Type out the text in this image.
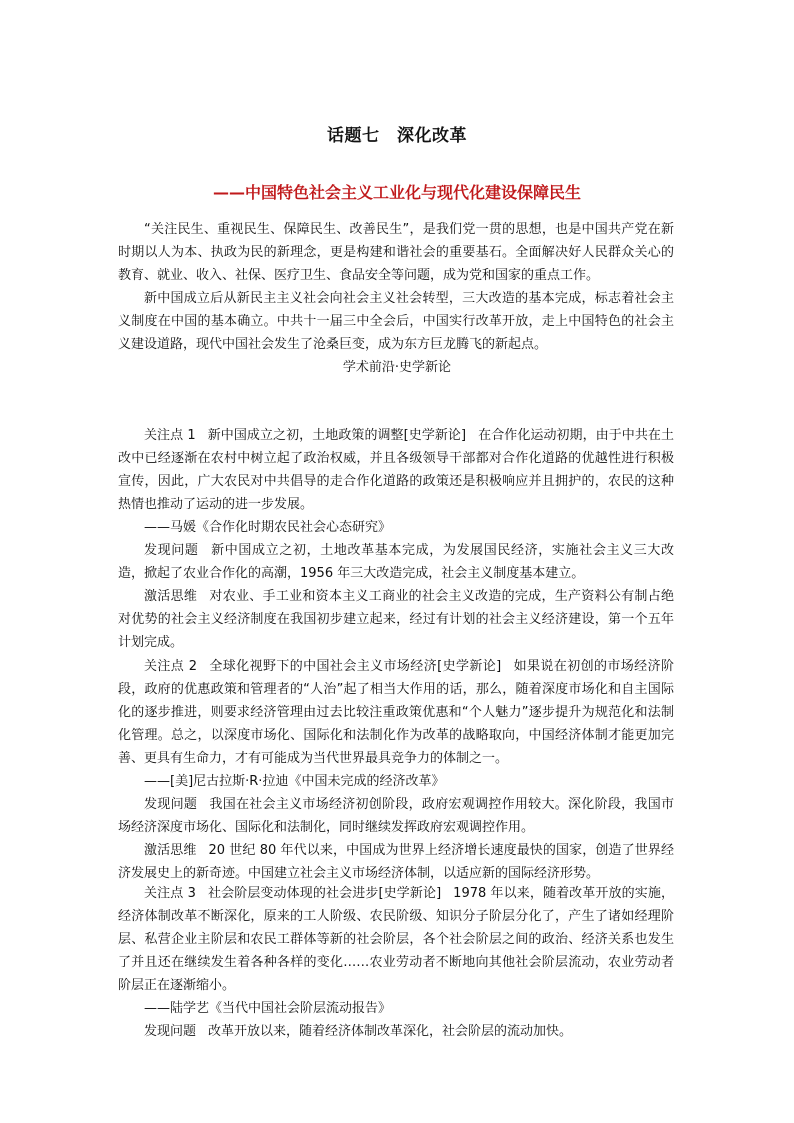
话题七　深化改革
——中国特色社会主义工业化与现代化建设保障民生

“关注民生、重视民生、保障民生、改善民生”，是我们党一贯的思想，也是中国共产党在新时期以人为本、执政为民的新理念，更是构建和谐社会的重要基石。全面解决好人民群众关心的教育、就业、收入、社保、医疗卫生、食品安全等问题，成为党和国家的重点工作。

新中国成立后从新民主主义社会向社会主义社会转型，三大改造的基本完成，标志着社会主义制度在中国的基本确立。中共十一届三中全会后，中国实行改革开放，走上中国特色的社会主义建设道路，现代中国社会发生了沧桑巨变，成为东方巨龙腾飞的新起点。

学术前沿·史学新论

关注点 1 新中国成立之初，土地政策的调整[史学新论] 在合作化运动初期，由于中共在土改中已经逐渐在农村中树立起了政治权威，并且各级领导干部都对合作化道路的优越性进行积极宣传，因此，广大农民对中共倡导的走合作化道路的政策还是积极响应并且拥护的，农民的这种热情也推动了运动的进一步发展。

——马媛《合作化时期农民社会心态研究》

发现问题 新中国成立之初，土地改革基本完成，为发展国民经济，实施社会主义三大改造，掀起了农业合作化的高潮，1956 年三大改造完成，社会主义制度基本建立。

激活思维 对农业、手工业和资本主义工商业的社会主义改造的完成，生产资料公有制占绝对优势的社会主义经济制度在我国初步建立起来，经过有计划的社会主义经济建设，第一个五年计划完成。

关注点 2 全球化视野下的中国社会主义市场经济[史学新论] 如果说在初创的市场经济阶段，政府的优惠政策和管理者的“人治”起了相当大作用的话，那么，随着深度市场化和自主国际化的逐步推进，则要求经济管理由过去比较注重政策优惠和“个人魅力”逐步提升为规范化和法制化管理。总之，以深度市场化、国际化和法制化作为改革的战略取向，中国经济体制才能更加完善、更具有生命力，才有可能成为当代世界最具竞争力的体制之一。

——[美]尼古拉斯·R·拉迪《中国未完成的经济改革》

发现问题 我国在社会主义市场经济初创阶段，政府宏观调控作用较大。深化阶段，我国市场经济深度市场化、国际化和法制化，同时继续发挥政府宏观调控作用。

激活思维 20 世纪 80 年代以来，中国成为世界上经济增长速度最快的国家，创造了世界经济发展史上的新奇迹。中国建立社会主义市场经济体制，以适应新的国际经济形势。

关注点 3 社会阶层变动体现的社会进步[史学新论] 1978 年以来，随着改革开放的实施，经济体制改革不断深化，原来的工人阶级、农民阶级、知识分子阶层分化了，产生了诸如经理阶层、私营企业主阶层和农民工群体等新的社会阶层，各个社会阶层之间的政治、经济关系也发生了并且还在继续发生着各种各样的变化……农业劳动者不断地向其他社会阶层流动，农业劳动者阶层正在逐渐缩小。

——陆学艺《当代中国社会阶层流动报告》

发现问题 改革开放以来，随着经济体制改革深化，社会阶层的流动加快。
